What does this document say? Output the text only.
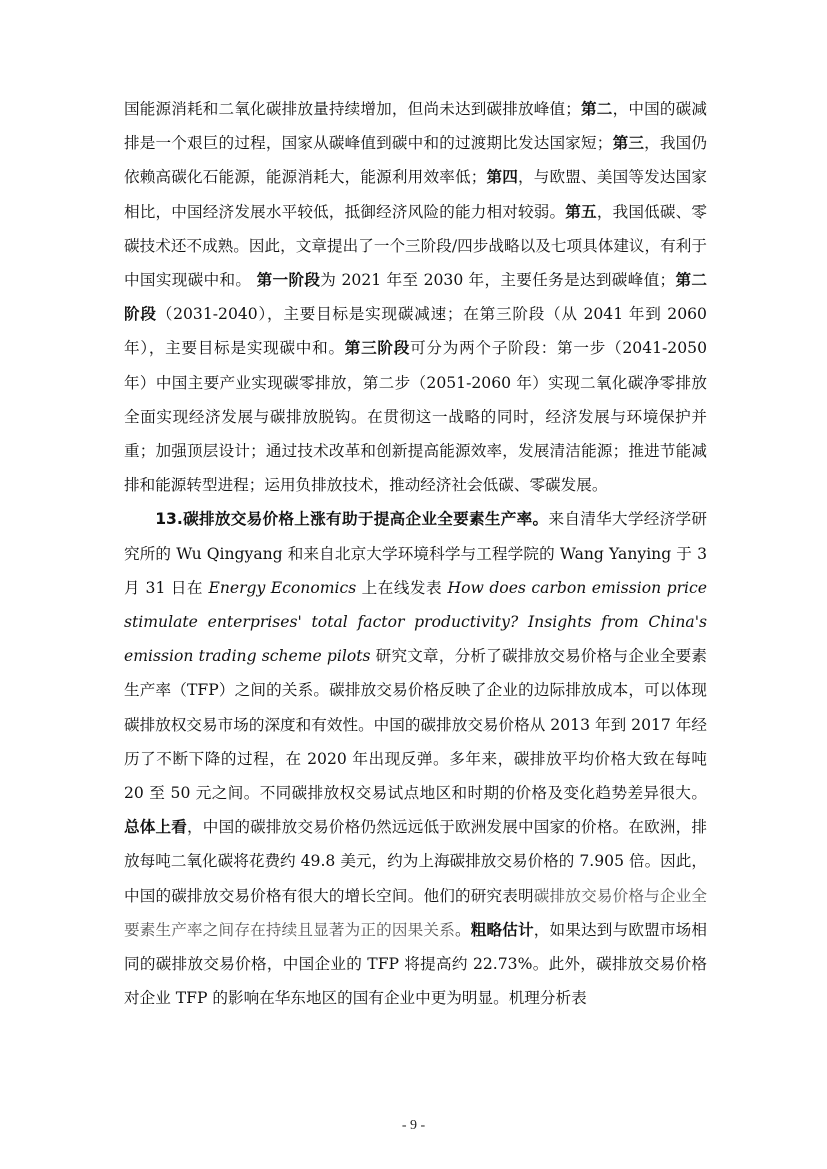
国能源消耗和二氧化碳排放量持续增加，但尚未达到碳排放峰值；第二，中国的碳减排是一个艰巨的过程，国家从碳峰值到碳中和的过渡期比发达国家短；第三，我国仍依赖高碳化石能源，能源消耗大，能源利用效率低；第四，与欧盟、美国等发达国家相比，中国经济发展水平较低，抵御经济风险的能力相对较弱。第五，我国低碳、零碳技术还不成熟。因此，文章提出了一个三阶段/四步战略以及七项具体建议，有利于中国实现碳中和。 第一阶段为 2021 年至 2030 年，主要任务是达到碳峰值；第二阶段（2031-2040），主要目标是实现碳减速；在第三阶段（从 2041 年到 2060 年），主要目标是实现碳中和。第三阶段可分为两个子阶段：第一步（2041-2050 年）中国主要产业实现碳零排放，第二步（2051-2060 年）实现二氧化碳净零排放全面实现经济发展与碳排放脱钩。在贯彻这一战略的同时，经济发展与环境保护并重；加强顶层设计；通过技术改革和创新提高能源效率，发展清洁能源；推进节能减排和能源转型进程；运用负排放技术，推动经济社会低碳、零碳发展。

13.碳排放交易价格上涨有助于提高企业全要素生产率。来自清华大学经济学研究所的 Wu Qingyang 和来自北京大学环境科学与工程学院的 Wang Yanying 于 3 月 31 日在 Energy Economics 上在线发表 How does carbon emission price stimulate enterprises' total factor productivity? Insights from China's emission trading scheme pilots 研究文章，分析了碳排放交易价格与企业全要素生产率（TFP）之间的关系。碳排放交易价格反映了企业的边际排放成本，可以体现碳排放权交易市场的深度和有效性。中国的碳排放交易价格从 2013 年到 2017 年经历了不断下降的过程，在 2020 年出现反弹。多年来，碳排放平均价格大致在每吨 20 至 50 元之间。不同碳排放权交易试点地区和时期的价格及变化趋势差异很大。总体上看，中国的碳排放交易价格仍然远远低于欧洲发展中国家的价格。在欧洲，排放每吨二氧化碳将花费约 49.8 美元，约为上海碳排放交易价格的 7.905 倍。因此，中国的碳排放交易价格有很大的增长空间。他们的研究表明碳排放交易价格与企业全要素生产率之间存在持续且显著为正的因果关系。粗略估计，如果达到与欧盟市场相同的碳排放交易价格，中国企业的 TFP 将提高约 22.73%。此外，碳排放交易价格对企业 TFP 的影响在华东地区的国有企业中更为明显。机理分析表

- 9 -
